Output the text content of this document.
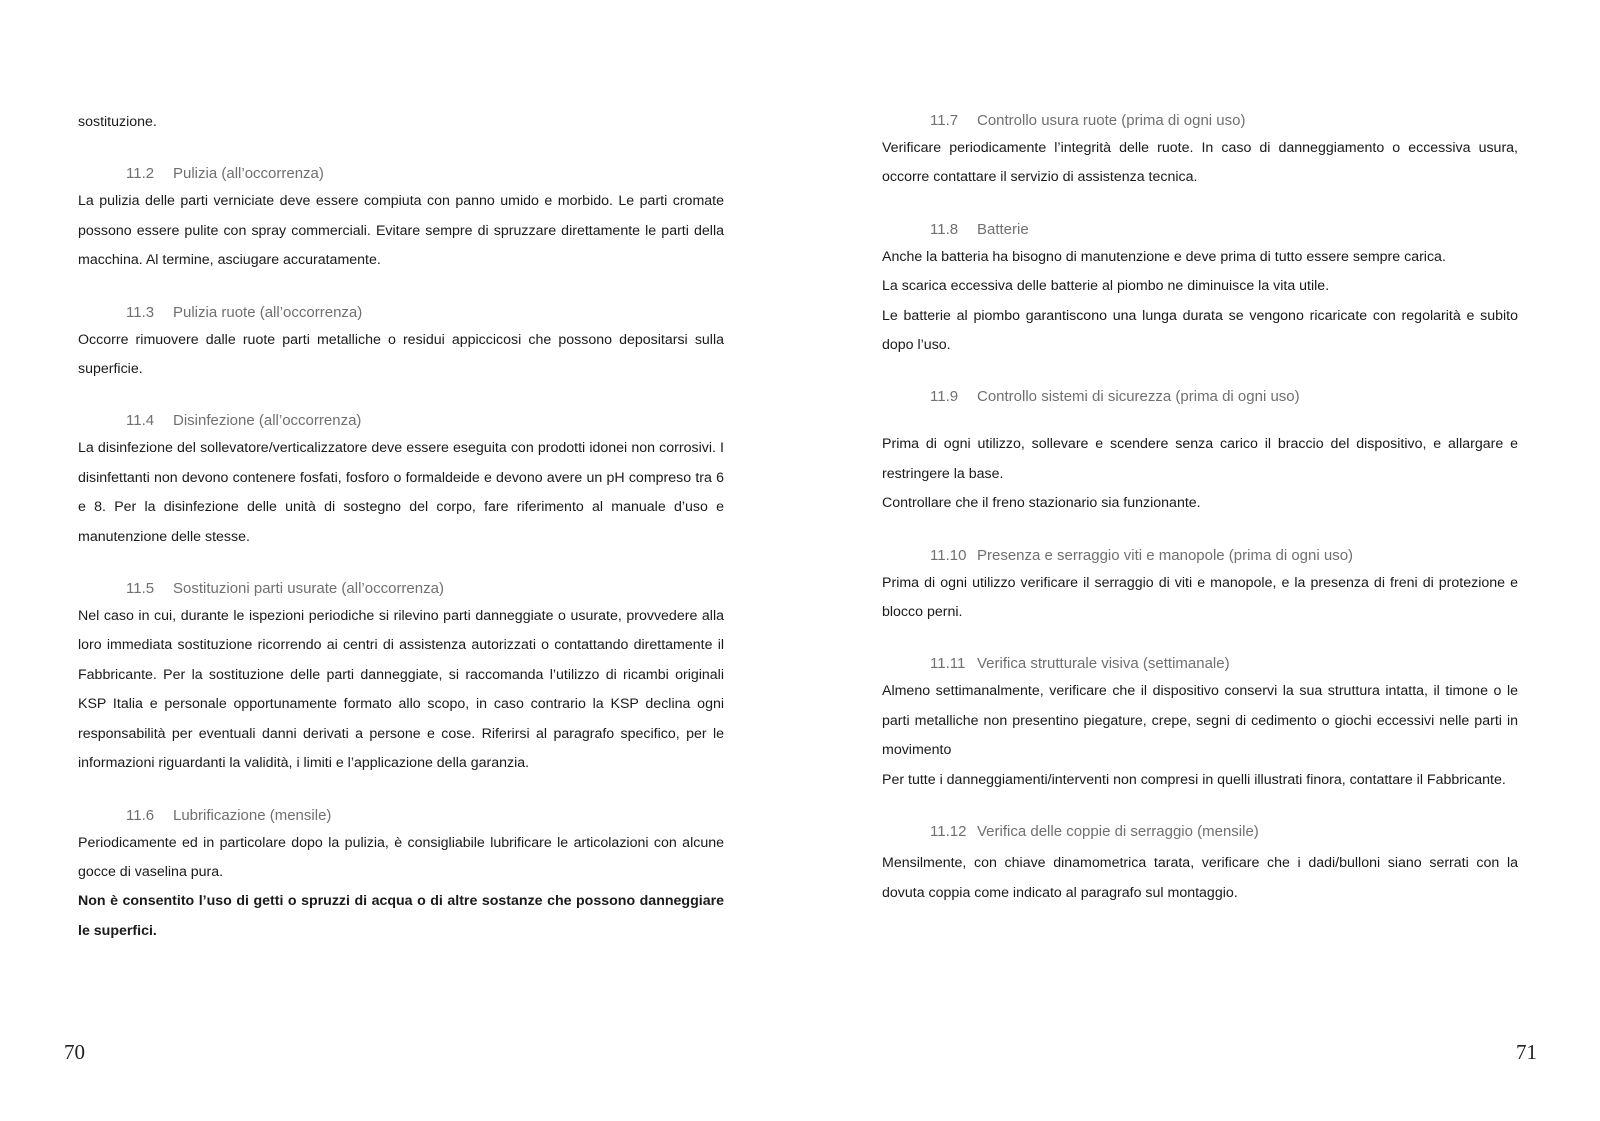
sostituzione.

11.2 Pulizia (all’occorrenza)

La pulizia delle parti verniciate deve essere compiuta con panno umido e morbido. Le parti cromate possono essere pulite con spray commerciali. Evitare sempre di spruzzare direttamente le parti della macchina. Al termine, asciugare accuratamente.

11.3 Pulizia ruote (all’occorrenza)

Occorre rimuovere dalle ruote parti metalliche o residui appiccicosi che possono depositarsi sulla superficie.

11.4 Disinfezione (all’occorrenza)

La disinfezione del sollevatore/verticalizzatore deve essere eseguita con prodotti idonei non corrosivi. I disinfettanti non devono contenere fosfati, fosforo o formaldeide e devono avere un pH compreso tra 6 e 8. Per la disinfezione delle unità di sostegno del corpo, fare riferimento al manuale d’uso e manutenzione delle stesse.

11.5 Sostituzioni parti usurate (all’occorrenza)

Nel caso in cui, durante le ispezioni periodiche si rilevino parti danneggiate o usurate, provvedere alla loro immediata sostituzione ricorrendo ai centri di assistenza autorizzati o contattando direttamente il Fabbricante. Per la sostituzione delle parti danneggiate, si raccomanda l’utilizzo di ricambi originali KSP Italia e personale opportunamente formato allo scopo, in caso contrario la KSP declina ogni responsabilità per eventuali danni derivati a persone e cose. Riferirsi al paragrafo specifico, per le informazioni riguardanti la validità, i limiti e l’applicazione della garanzia.

11.6 Lubrificazione (mensile)

Periodicamente ed in particolare dopo la pulizia, è consigliabile lubrificare le articolazioni con alcune gocce di vaselina pura.

Non è consentito l’uso di getti o spruzzi di acqua o di altre sostanze che possono danneggiare le superfici.

70
11.7 Controllo usura ruote (prima di ogni uso)

Verificare periodicamente l’integrità delle ruote. In caso di danneggiamento o eccessiva usura, occorre contattare il servizio di assistenza tecnica.

11.8 Batterie

Anche la batteria ha bisogno di manutenzione e deve prima di tutto essere sempre carica.

La scarica eccessiva delle batterie al piombo ne diminuisce la vita utile.

Le batterie al piombo garantiscono una lunga durata se vengono ricaricate con regolarità e subito dopo l’uso.

11.9 Controllo sistemi di sicurezza (prima di ogni uso)

Prima di ogni utilizzo, sollevare e scendere senza carico il braccio del dispositivo, e allargare e restringere la base.

Controllare che il freno stazionario sia funzionante.

11.10 Presenza e serraggio viti e manopole (prima di ogni uso)

Prima di ogni utilizzo verificare il serraggio di viti e manopole, e la presenza di freni di protezione e blocco perni.

11.11 Verifica strutturale visiva (settimanale)

Almeno settimanalmente, verificare che il dispositivo conservi la sua struttura intatta, il timone o le parti metalliche non presentino piegature, crepe, segni di cedimento o giochi eccessivi nelle parti in movimento

Per tutte i danneggiamenti/interventi non compresi in quelli illustrati finora, contattare il Fabbricante.

11.12 Verifica delle coppie di serraggio (mensile)

Mensilmente, con chiave dinamometrica tarata, verificare che i dadi/bulloni siano serrati con la dovuta coppia come indicato al paragrafo sul montaggio.

71
